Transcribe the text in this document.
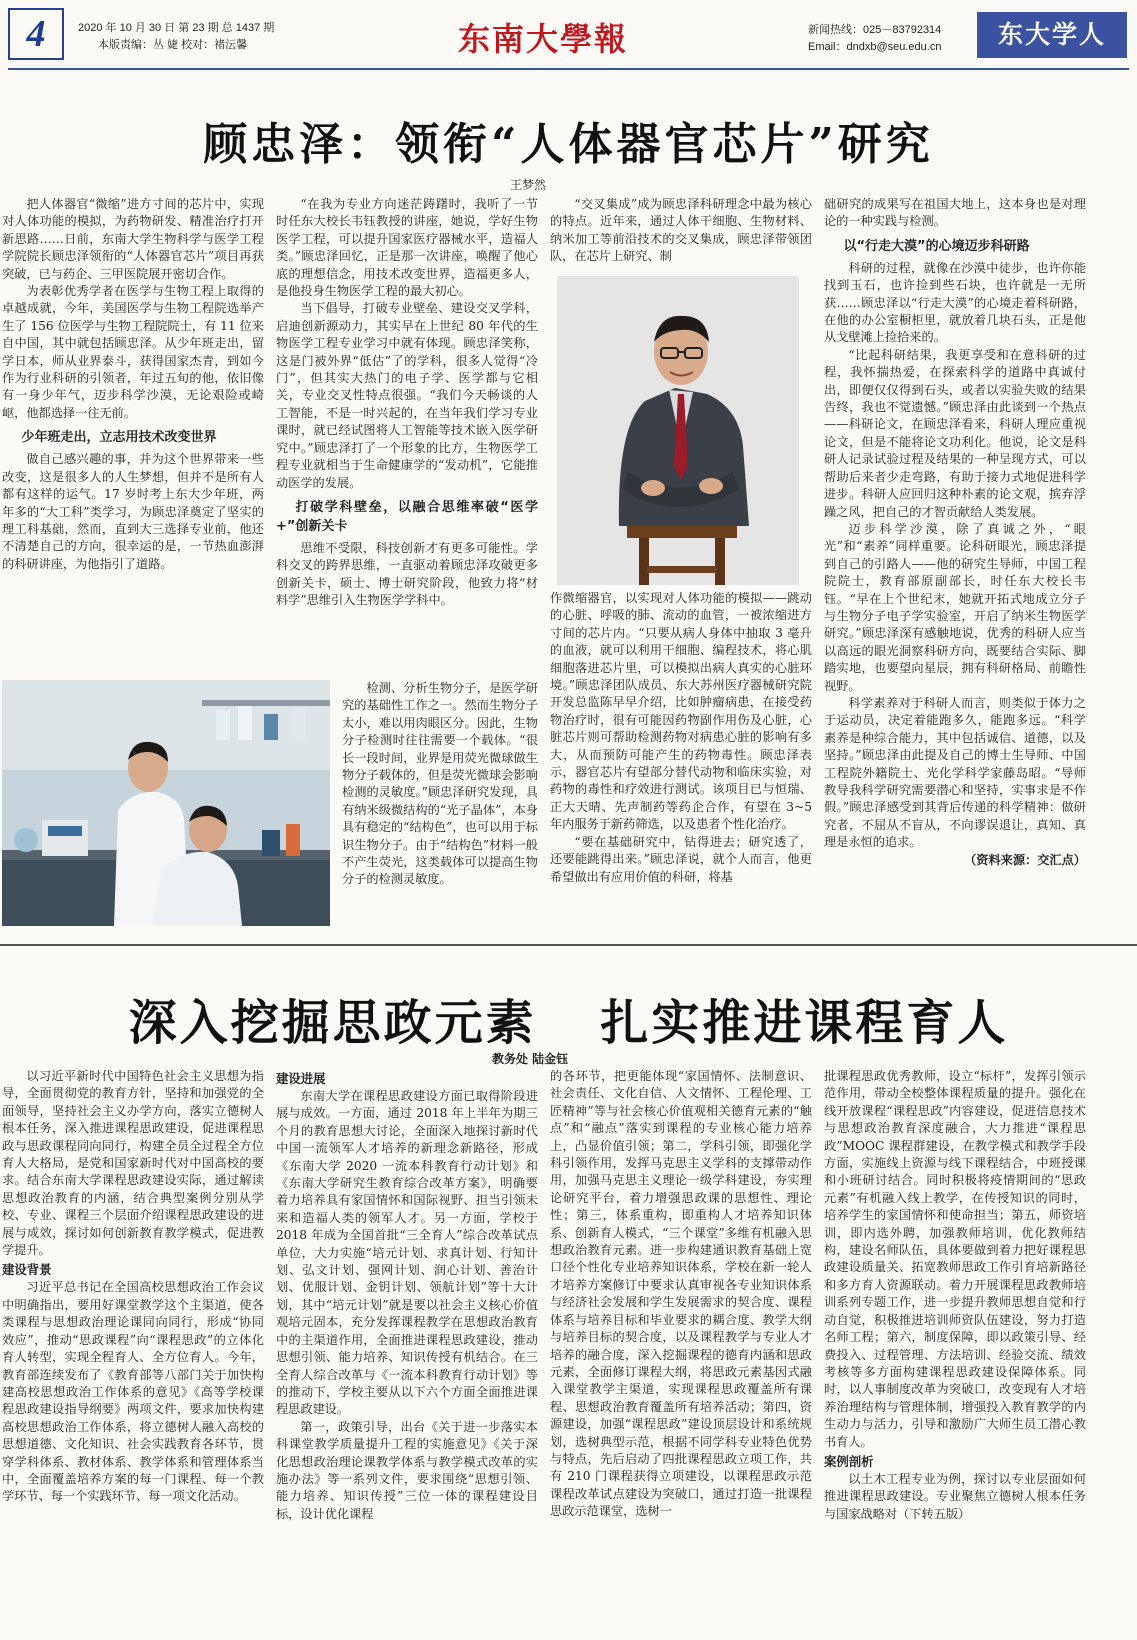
4	2020 年 10 月 30 日 第 23 期 总 1437 期
本版责编：丛 婕 校对：褚沄馨	东南大學報	新闻热线：025－83792314
Email：dndxb@seu.edu.cn	东大学人
顾忠泽：领衔“人体器官芯片”研究
王梦然

把人体器官“微缩”进方寸间的芯片中，实现对人体功能的模拟，为药物研发、精准治疗打开新思路……日前，东南大学生物科学与医学工程学院院长顾忠泽领衔的“人体器官芯片”项目再获突破，已与药企、三甲医院展开密切合作。

为表彰优秀学者在医学与生物工程上取得的卓越成就，今年，美国医学与生物工程院选举产生了 156 位医学与生物工程院院士，有 11 位来自中国，其中就包括顾忠泽。从少年班走出，留学日本，师从业界泰斗，获得国家杰青，到如今作为行业科研的引领者，年过五旬的他，依旧像有一身少年气，迈步科学沙漠，无论艰险或崎岖，他都选择一往无前。

少年班走出，立志用技术改变世界

做自己感兴趣的事，并为这个世界带来一些改变，这是很多人的人生梦想，但并不是所有人都有这样的运气。17 岁时考上东大少年班，两年多的“大工科”类学习，为顾忠泽奠定了坚实的理工科基础，然而，直到大三选择专业前，他还不清楚自己的方向，很幸运的是，一节热血澎湃的科研讲座，为他指引了道路。

“在我为专业方向迷茫踌躇时，我听了一节时任东大校长韦钰教授的讲座，她说，学好生物医学工程，可以提升国家医疗器械水平，造福人类。”顾忠泽回忆，正是那一次讲座，唤醒了他心底的理想信念，用技术改变世界，造福更多人，是他投身生物医学工程的最大初心。

当下倡导，打破专业壁垒、建设交叉学科，启迪创新源动力，其实早在上世纪 80 年代的生物医学工程专业学习中就有体现。顾忠泽笑称，这是门被外界“低估”了的学科，很多人觉得“冷门”，但其实大热门的电子学、医学都与它相关，专业交叉性特点很强。“我们今天畅谈的人工智能，不是一时兴起的，在当年我们学习专业课时，就已经试图将人工智能等技术嵌入医学研究中。”顾忠泽打了一个形象的比方，生物医学工程专业就相当于生命健康学的“发动机”，它能推动医学的发展。

打破学科壁垒，以融合思维率破“医学+”创新关卡

思维不受限，科技创新才有更多可能性。学科交叉的跨界思维，一直驱动着顾忠泽攻破更多创新关卡，硕士、博士研究阶段，他致力将“材料学”思维引入生物医学学科中。

检测、分析生物分子，是医学研究的基础性工作之一。然而生物分子太小，难以用肉眼区分。因此，生物分子检测时往往需要一个载体。“很长一段时间，业界是用荧光微球做生物分子载体的，但是荧光微球会影响检测的灵敏度。”顾忠泽研究发现，具有纳米级微结构的“光子晶体”，本身具有稳定的“结构色”，也可以用于标识生物分子。由于“结构色”材料一般不产生荧光，这类载体可以提高生物分子的检测灵敏度。

“交叉集成”成为顾忠泽科研理念中最为核心的特点。近年来，通过人体干细胞、生物材料、纳米加工等前沿技术的交叉集成，顾忠泽带领团队，在芯片上研究、制

作微缩器官，以实现对人体功能的模拟——跳动的心脏、呼吸的肺、流动的血管，一被浓缩进方寸间的芯片内。“只要从病人身体中抽取 3 毫升的血液，就可以利用干细胞、编程技术，将心肌细胞落进芯片里，可以模拟出病人真实的心脏环境。”顾忠泽团队成员、东大苏州医疗器械研究院开发总监陈早早介绍，比如肿瘤病患，在接受药物治疗时，很有可能因药物副作用伤及心脏，心脏芯片则可帮助检测药物对病患心脏的影响有多大，从而预防可能产生的药物毒性。顾忠泽表示，器官芯片有望部分替代动物和临床实验，对药物的毒性和疗效进行测试。该项目已与恒瑞、正大天晴、先声制药等药企合作，有望在 3~5 年内服务于新药筛选，以及患者个性化治疗。

“要在基础研究中，钻得进去；研究透了，还要能跳得出来。”顾忠泽说，就个人而言，他更希望做出有应用价值的科研，将基

础研究的成果写在祖国大地上，这本身也是对理论的一种实践与检测。

以“行走大漠”的心境迈步科研路

科研的过程，就像在沙漠中徒步，也许你能找到玉石，也许捡到些石块，也许就是一无所获……顾忠泽以“行走大漠”的心境走着科研路，在他的办公室橱柜里，就放着几块石头，正是他从戈壁滩上捡拾来的。

“比起科研结果，我更享受和在意科研的过程，我怀揣热爱，在探索科学的道路中真诚付出，即便仅仅得到石头，或者以实验失败的结果告终，我也不觉遗憾。”顾忠泽由此谈到一个热点——科研论文，在顾忠泽看来，科研人理应重视论文，但是不能将论文功利化。他说，论文是科研人记录试验过程及结果的一种呈现方式，可以帮助后来者少走弯路，有助于接力式地促进科学进步。科研人应回归这种朴素的论文观，摈弃浮躁之风，把自己的才智贡献给人类发展。

迈步科学沙漠，除了真诚之外，“眼光”和“素养”同样重要。论科研眼光，顾忠泽提到自己的引路人——他的研究生导师，中国工程院院士，教育部原副部长，时任东大校长韦钰。“早在上个世纪末，她就开拓式地成立分子与生物分子电子学实验室，开启了纳米生物医学研究。”顾忠泽深有感触地说，优秀的科研人应当以高远的眼光洞察科研方向，既要结合实际、脚踏实地，也要望向星辰，拥有科研格局、前瞻性视野。

科学素养对于科研人而言，则类似于体力之于运动员，决定着能跑多久，能跑多远。“科学素养是种综合能力，其中包括诚信、道德，以及坚持。”顾忠泽由此提及自己的博士生导师、中国工程院外籍院士、光化学科学家藤岛昭。“导师教导我科学研究需要潜心和坚持，实事求是不作假。”顾忠泽感受到其背后传递的科学精神：做研究者，不屈从不盲从，不向谬误退让，真知、真理是永恒的追求。

（资料来源：交汇点）

深入挖掘思政元素 扎实推进课程育人
教务处 陆金钰

以习近平新时代中国特色社会主义思想为指导，全面贯彻党的教育方针，坚持和加强党的全面领导，坚持社会主义办学方向，落实立德树人根本任务，深入推进课程思政建设，促进课程思政与思政课程同向同行，构建全员全过程全方位育人大格局，是党和国家新时代对中国高校的要求。结合东南大学课程思政建设实际，通过解读思想政治教育的内涵，结合典型案例分别从学校、专业、课程三个层面介绍课程思政建设的进展与成效，探讨如何创新教育教学模式，促进教学提升。

建设背景

习近平总书记在全国高校思想政治工作会议中明确指出，要用好课堂教学这个主渠道，使各类课程与思想政治理论课同向同行，形成“协同效应”，推动“思政课程”向“课程思政”的立体化育人转型，实现全程育人、全方位育人。今年，教育部连续发布了《教育部等八部门关于加快构建高校思想政治工作体系的意见》《高等学校课程思政建设指导纲要》两项文件，要求加快构建高校思想政治工作体系，将立德树人融入高校的思想道德、文化知识、社会实践教育各环节，贯穿学科体系、教材体系、教学体系和管理体系当中，全面覆盖培养方案的每一门课程、每一个教学环节、每一个实践环节、每一项文化活动。

建设进展

东南大学在课程思政建设方面已取得阶段进展与成效。一方面，通过 2018 年上半年为期三个月的教育思想大讨论，全面深入地探讨新时代中国一流领军人才培养的新理念新路径，形成《东南大学 2020 一流本科教育行动计划》和《东南大学研究生教育综合改革方案》，明确要着力培养具有家国情怀和国际视野、担当引领未来和造福人类的领军人才。另一方面，学校于 2018 年成为全国首批“三全育人”综合改革试点单位，大力实施“培元计划、求真计划、行知计划、弘文计划、强网计划、润心计划、善治计划、优服计划、金钥计划、领航计划”等十大计划，其中“培元计划”就是要以社会主义核心价值观培元固本，充分发挥课程教学在思想政治教育中的主渠道作用，全面推进课程思政建设，推动思想引领、能力培养、知识传授有机结合。在三全育人综合改革与《一流本科教育行动计划》等的推动下，学校主要从以下六个方面全面推进课程思政建设。

第一，政策引导，出台《关于进一步落实本科课堂教学质量提升工程的实施意见》《关于深化思想政治理论课教学体系与教学模式改革的实施办法》等一系列文件，要求围绕“思想引领、能力培养、知识传授”三位一体的课程建设目标，设计优化课程

的各环节，把更能体现“家国情怀、法制意识、社会责任、文化自信、人文情怀、工程伦理、工匠精神”等与社会核心价值观相关德育元素的“触点”和“融点”落实到课程的专业核心能力培养上，凸显价值引领；第二，学科引领，即强化学科引领作用，发挥马克思主义学科的支撑带动作用，加强马克思主义理论一级学科建设，夯实理论研究平台，着力增强思政课的思想性、理论性；第三，体系重构，即重构人才培养知识体系、创新育人模式，“三个课堂”多维有机融入思想政治教育元素。进一步构建通识教育基础上宽口径个性化专业培养知识体系，学校在新一轮人才培养方案修订中要求认真审视各专业知识体系与经济社会发展和学生发展需求的契合度、课程体系与培养目标和毕业要求的耦合度、教学大纲与培养目标的契合度，以及课程教学与专业人才培养的融合度，深入挖掘课程的德育内涵和思政元素，全面修订课程大纲，将思政元素基因式融入课堂教学主渠道，实现课程思政覆盖所有课程、思想政治教育覆盖所有培养活动；第四，资源建设，加强“课程思政”建设顶层设计和系统规划，选树典型示范，根据不同学科专业特色优势与特点，先后启动了四批课程思政立项工作，共有 210 门课程获得立项建设，以课程思政示范课程改革试点建设为突破口，通过打造一批课程思政示范课堂，选树一

批课程思政优秀教师，设立“标杆”，发挥引领示范作用，带动全校整体课程质量的提升。强化在线开放课程“课程思政”内容建设，促进信息技术与思想政治教育深度融合，大力推进“课程思政”MOOC 课程群建设，在教学模式和教学手段方面，实施线上资源与线下课程结合，中班授课和小班研讨结合。同时积极将疫情期间的“思政元素”有机融入线上教学，在传授知识的同时，培养学生的家国情怀和使命担当；第五，师资培训，即内选外聘，加强教师培训，优化教师结构，建设名师队伍，具体要做到着力把好课程思政建设质量关、拓宽教师思政工作引育培新路径和多方育人资源联动。着力开展课程思政教师培训系列专题工作，进一步提升教师思想自觉和行动自觉，积极推进培训师资队伍建设，努力打造名师工程；第六，制度保障，即以政策引导、经费投入、过程管理、方法培训、经验交流、绩效考核等多方面构建课程思政建设保障体系。同时，以人事制度改革为突破口，改变现有人才培养治理结构与管理体制，增强投入教育教学的内生动力与活力，引导和激励广大师生员工潜心教书育人。

案例剖析

以土木工程专业为例，探讨以专业层面如何推进课程思政建设。专业聚焦立德树人根本任务与国家战略对（下转五版）
